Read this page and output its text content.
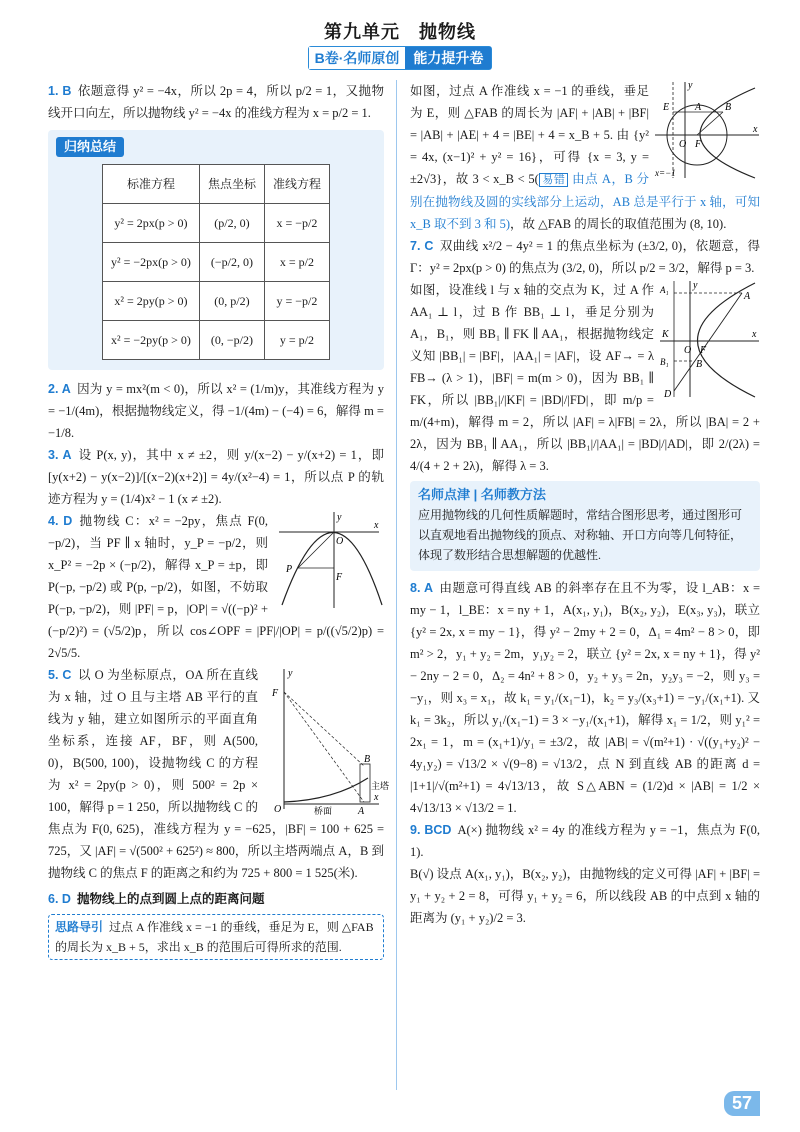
第九单元　抛物线
B卷·名师原创	能力提升卷

1. B 依题意得 y² = −4x，所以 2p = 4，所以 p/2 = 1，又抛物线开口向左，所以抛物线 y² = −4x 的准线方程为 x = p/2 = 1.

归纳总结
标准方程	焦点坐标	准线方程
y² = 2px(p > 0)	(p/2, 0)	x = −p/2
y² = −2px(p > 0)	(−p/2, 0)	x = p/2
x² = 2py(p > 0)	(0, p/2)	y = −p/2
x² = −2py(p > 0)	(0, −p/2)	y = p/2

2. A 因为 y = mx²(m < 0)，所以 x² = (1/m)y，其准线方程为 y = −1/(4m)，根据抛物线定义，得 −1/(4m) − (−4) = 6，解得 m = −1/8.

3. A 设 P(x, y)，其中 x ≠ ±2，则 y/(x−2) − y/(x+2) = 1，即 [y(x+2) − y(x−2)]/[(x−2)(x+2)] = 4y/(x²−4) = 1，所以点 P 的轨迹方程为 y = (1/4)x² − 1 (x ≠ ±2).

y
O
F
P
x
4. D 抛物线 C：x² = −2py，焦点 F(0, −p/2)，当 PF ∥ x 轴时，y_P = −p/2，则 x_P² = −2p × (−p/2)，解得 x_P = ±p，即 P(−p, −p/2) 或 P(p, −p/2)，如图，不妨取 P(−p, −p/2)，则 |PF| = p，|OP| = √((−p)² + (−p/2)²) = (√5/2)p，所以 cos∠OPF = |PF|/|OP| = p/((√5/2)p) = 2√5/5.

y
F
B
主塔
O	桥面	A
x
5. C 以 O 为坐标原点，OA 所在直线为 x 轴，过 O 且与主塔 AB 平行的直线为 y 轴，建立如图所示的平面直角坐标系，连接 AF，BF，则 A(500, 0)，B(500, 100)，设抛物线 C 的方程为 x² = 2py(p > 0)，则 500² = 2p × 100，解得 p = 1 250，所以抛物线 C 的焦点为 F(0, 625)，准线方程为 y = −625，|BF| = 100 + 625 = 725，又 |AF| = √(500² + 625²) ≈ 800，所以主塔两端点 A，B 到抛物线 C 的焦点 F 的距离之和约为 725 + 800 = 1 525(米).

6. D 抛物线上的点到圆上点的距离问题

思路导引 过点 A 作准线 x = −1 的垂线，垂足为 E，则 △FAB 的周长为 x_B + 5，求出 x_B 的范围后可得所求的范围.

y
E	A B
O F
x
x=−1
如图，过点 A 作准线 x = −1 的垂线，垂足为 E，则 △FAB 的周长为 |AF| + |AB| + |BF| = |AB| + |AE| + 4 = |BE| + 4 = x_B + 5. 由 {y² = 4x, (x−1)² + y² = 16}，可得 {x = 3, y = ±2√3}，故 3 < x_B < 5( 易错 由点 A，B 分别在抛物线及圆的实线部分上运动，AB 总是平行于 x 轴，可知 x_B 取不到 3 和 5)，故 △FAB 的周长的取值范围为 (8, 10).

7. C 双曲线 x²/2 − 4y² = 1 的焦点坐标为 (±3/2, 0)，依题意，得 Γ：y² = 2px(p > 0) 的焦点为 (3/2, 0)，所以 p/2 = 3/2，解得 p = 3.

y
A₁
A
K
O F
x
B₁	B
D
如图，设准线 l 与 x 轴的交点为 K，过 A 作 AA₁ ⊥ l，过 B 作 BB₁ ⊥ l，垂足分别为 A₁，B₁，则 BB₁ ∥ FK ∥ AA₁，根据抛物线定义知 |BB₁| = |BF|，|AA₁| = |AF|，设 AF→ = λ FB→ (λ > 1)，|BF| = m(m > 0)，因为 BB₁ ∥ FK，所以 |BB₁|/|KF| = |BD|/|FD|，即 m/p = m/(4+m)，解得 m = 2，所以 |AF| = λ|FB| = 2λ，所以 |BA| = 2 + 2λ，因为 BB₁ ∥ AA₁，所以 |BB₁|/|AA₁| = |BD|/|AD|，即 2/(2λ) = 4/(4 + 2 + 2λ)，解得 λ = 3.

名师点津 | 名师教方法
应用抛物线的几何性质解题时，常结合图形思考，通过图形可以直观地看出抛物线的顶点、对称轴、开口方向等几何特征，体现了数形结合思想解题的优越性.

8. A 由题意可得直线 AB 的斜率存在且不为零，设 l_AB：x = my − 1，l_BE：x = ny + 1，A(x₁, y₁)，B(x₂, y₂)，E(x₃, y₃)，联立 {y² = 2x, x = my − 1}，得 y² − 2my + 2 = 0，Δ₁ = 4m² − 8 > 0，即 m² > 2，y₁ + y₂ = 2m，y₁y₂ = 2，联立 {y² = 2x, x = ny + 1}，得 y² − 2ny − 2 = 0，Δ₂ = 4n² + 8 > 0，y₂ + y₃ = 2n，y₂y₃ = −2，则 y₃ = −y₁，则 x₃ = x₁，故 k₁ = y₁/(x₁−1)，k₂ = y₃/(x₃+1) = −y₁/(x₁+1). 又 k₁ = 3k₂，所以 y₁/(x₁−1) = 3 × −y₁/(x₁+1)，解得 x₁ = 1/2，则 y₁² = 2x₁ = 1，m = (x₁+1)/y₁ = ±3/2，故 |AB| = √(m²+1) · √((y₁+y₂)² − 4y₁y₂) = √13/2 × √(9−8) = √13/2，点 N 到直线 AB 的距离 d = |1+1|/√(m²+1) = 4√13/13，故 S△ABN = (1/2)d × |AB| = 1/2 × 4√13/13 × √13/2 = 1.

9. BCD A(×) 抛物线 x² = 4y 的准线方程为 y = −1，焦点为 F(0, 1).

B(√) 设点 A(x₁, y₁)，B(x₂, y₂)，由抛物线的定义可得 |AF| + |BF| = y₁ + y₂ + 2 = 8，可得 y₁ + y₂ = 6，所以线段 AB 的中点到 x 轴的距离为 (y₁ + y₂)/2 = 3.

57
